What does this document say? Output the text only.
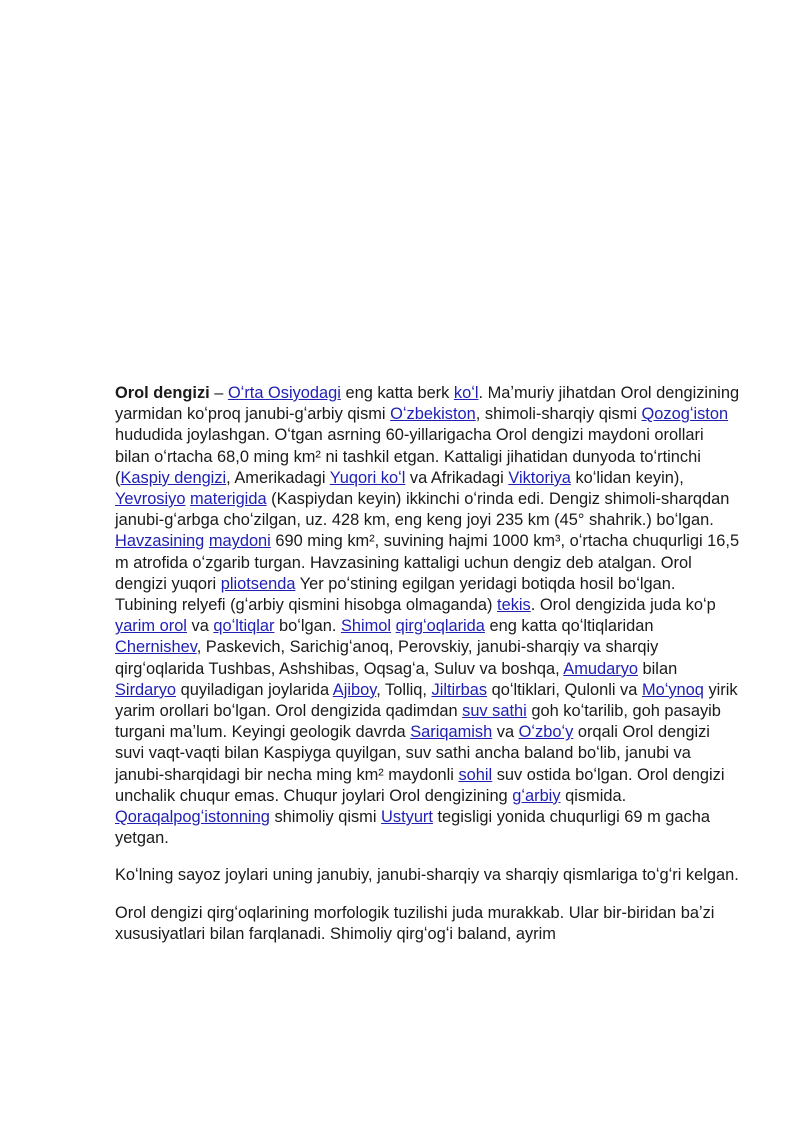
Orol dengizi – Oʻrta Osiyodagi eng katta berk koʻl. Maʼmuriy jihatdan Orol dengizining yarmidan koʻproq janubi-gʻarbiy qismi Oʻzbekiston, shimoli-sharqiy qismi Qozogʻiston hududida joylashgan. Oʻtgan asrning 60-yillarigacha Orol dengizi maydoni orollari bilan oʻrtacha 68,0 ming km² ni tashkil etgan. Kattaligi jihatidan dunyoda toʻrtinchi (Kaspiy dengizi, Amerikadagi Yuqori koʻl va Afrikadagi Viktoriya koʻlidan keyin), Yevrosiyo materigida (Kaspiydan keyin) ikkinchi oʻrinda edi. Dengiz shimoli-sharqdan janubi-gʻarbga choʻzilgan, uz. 428 km, eng keng joyi 235 km (45° shahrik.) boʻlgan. Havzasining maydoni 690 ming km², suvining hajmi 1000 km³, oʻrtacha chuqurligi 16,5 m atrofida oʻzgarib turgan. Havzasining kattaligi uchun dengiz deb atalgan. Orol dengizi yuqori pliotsenda Yer poʻstining egilgan yeridagi botiqda hosil boʻlgan. Tubining relyefi (gʻarbiy qismini hisobga olmaganda) tekis. Orol dengizida juda koʻp yarim orol va qoʻltiqlar boʻlgan. Shimol qirgʻoqlarida eng katta qoʻltiqlaridan Chernishev, Paskevich, Sarichigʻanoq, Perovskiy, janubi-sharqiy va sharqiy qirgʻoqlarida Tushbas, Ashshibas, Oqsagʻa, Suluv va boshqa, Amudaryo bilan Sirdaryo quyiladigan joylarida Ajiboy, Tolliq, Jiltirbas qoʻltiklari, Qulonli va Moʻynoq yirik yarim orollari boʻlgan. Orol dengizida qadimdan suv sathi goh koʻtarilib, goh pasayib turgani maʼlum. Keyingi geologik davrda Sariqamish va Oʻzboʻy orqali Orol dengizi suvi vaqt-vaqti bilan Kaspiyga quyilgan, suv sathi ancha baland boʻlib, janubi va janubi-sharqidagi bir necha ming km² maydonli sohil suv ostida boʻlgan. Orol dengizi unchalik chuqur emas. Chuqur joylari Orol dengizining gʻarbiy qismida. Qoraqalpogʻistonning shimoliy qismi Ustyurt tegisligi yonida chuqurligi 69 m gacha yetgan.

Koʻlning sayoz joylari uning janubiy, janubi-sharqiy va sharqiy qismlariga toʻgʻri kelgan.

Orol dengizi qirgʻoqlarining morfologik tuzilishi juda murakkab. Ular bir-biridan baʼzi xususiyatlari bilan farqlanadi. Shimoliy qirgʻogʻi baland, ayrim
